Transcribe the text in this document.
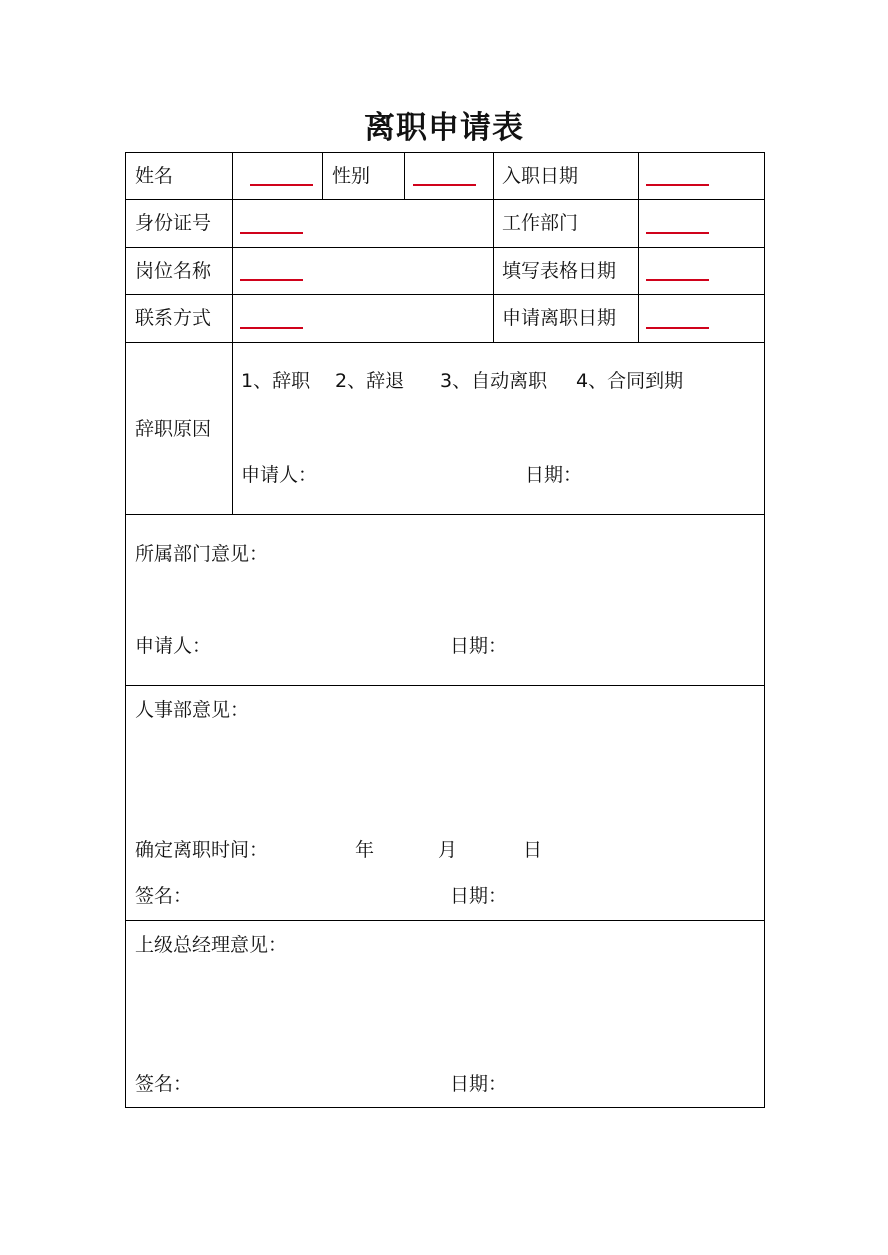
离职申请表
姓名	性别	入职日期
身份证号	工作部门
岗位名称	填写表格日期
联系方式	申请离职日期
辞职原因
1、辞职 2、辞退 3、自动离职 4、合同到期
申请人：	日期：
所属部门意见：
申请人：	日期：
人事部意见：
确定离职时间：	年	月	日
签名：	日期：
上级总经理意见：
签名：	日期：
